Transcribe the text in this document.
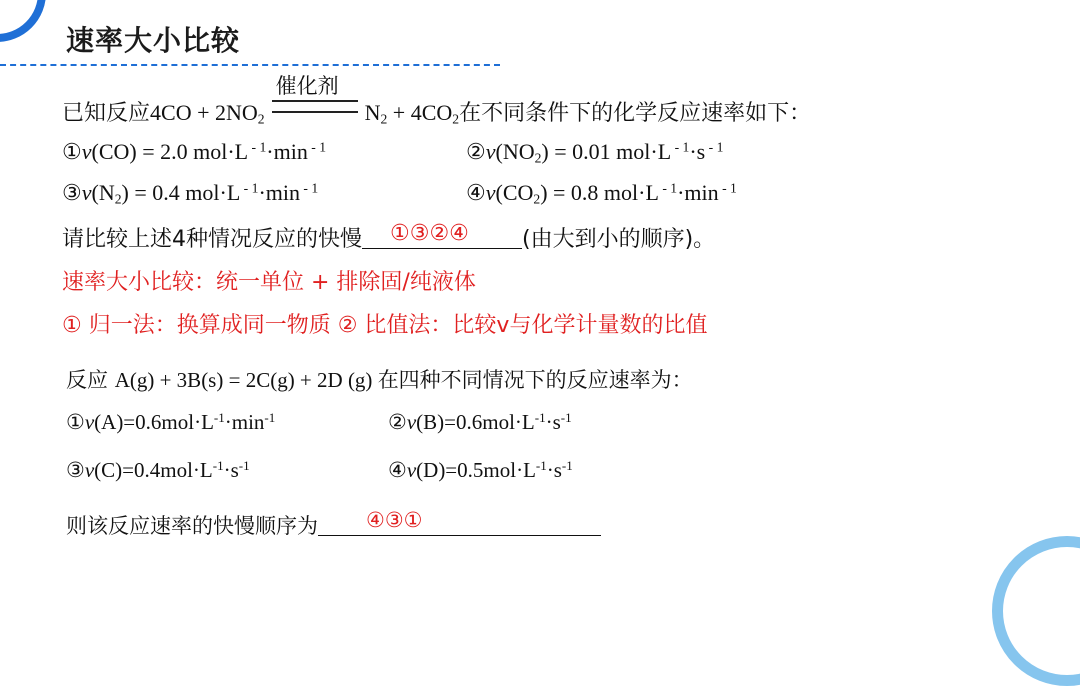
速率大小比较
已知反应$4CO + 2NO_2$
催化剂
$N_2 + 4CO_2$在不同条件下的化学反应速率如下：
①v(CO) = 2.0 mol·L $^{- 1}$·min $^{- 1}$	$②v(NO_2) = 0.01$ mol·L $^{- 1}$·s $^{- 1}$
$③v(N_2) = 0.4$ mol·L $^{- 1}$·min $^{- 1}$	$④v(CO_2) = 0.8$ mol·L $^{- 1}$·min $^{- 1}$
请比较上述4种情况反应的快慢 ①③②④ (由大到小的顺序)。
速率大小比较：统一单位 + 排除固/纯液体
① 归一法：换算成同一物质 ② 比值法：比较v与化学计量数的比值
反应 A(g) + 3B(s) = 2C(g) + 2D (g) 在四种不同情况下的反应速率为：
$①v(A)=0.6mol\cdot L^{-1}\cdot\min^{-1}$	$②v(B)=0.6mol\cdot L^{-1}\cdot s^{-1}$
$③v(C)=0.4mol\cdot L^{-1}\cdot s^{-1}$	$④v(D)=0.5mol\cdot L^{-1}\cdot s^{-1}$
则该反应速率的快慢顺序为 ④③①
